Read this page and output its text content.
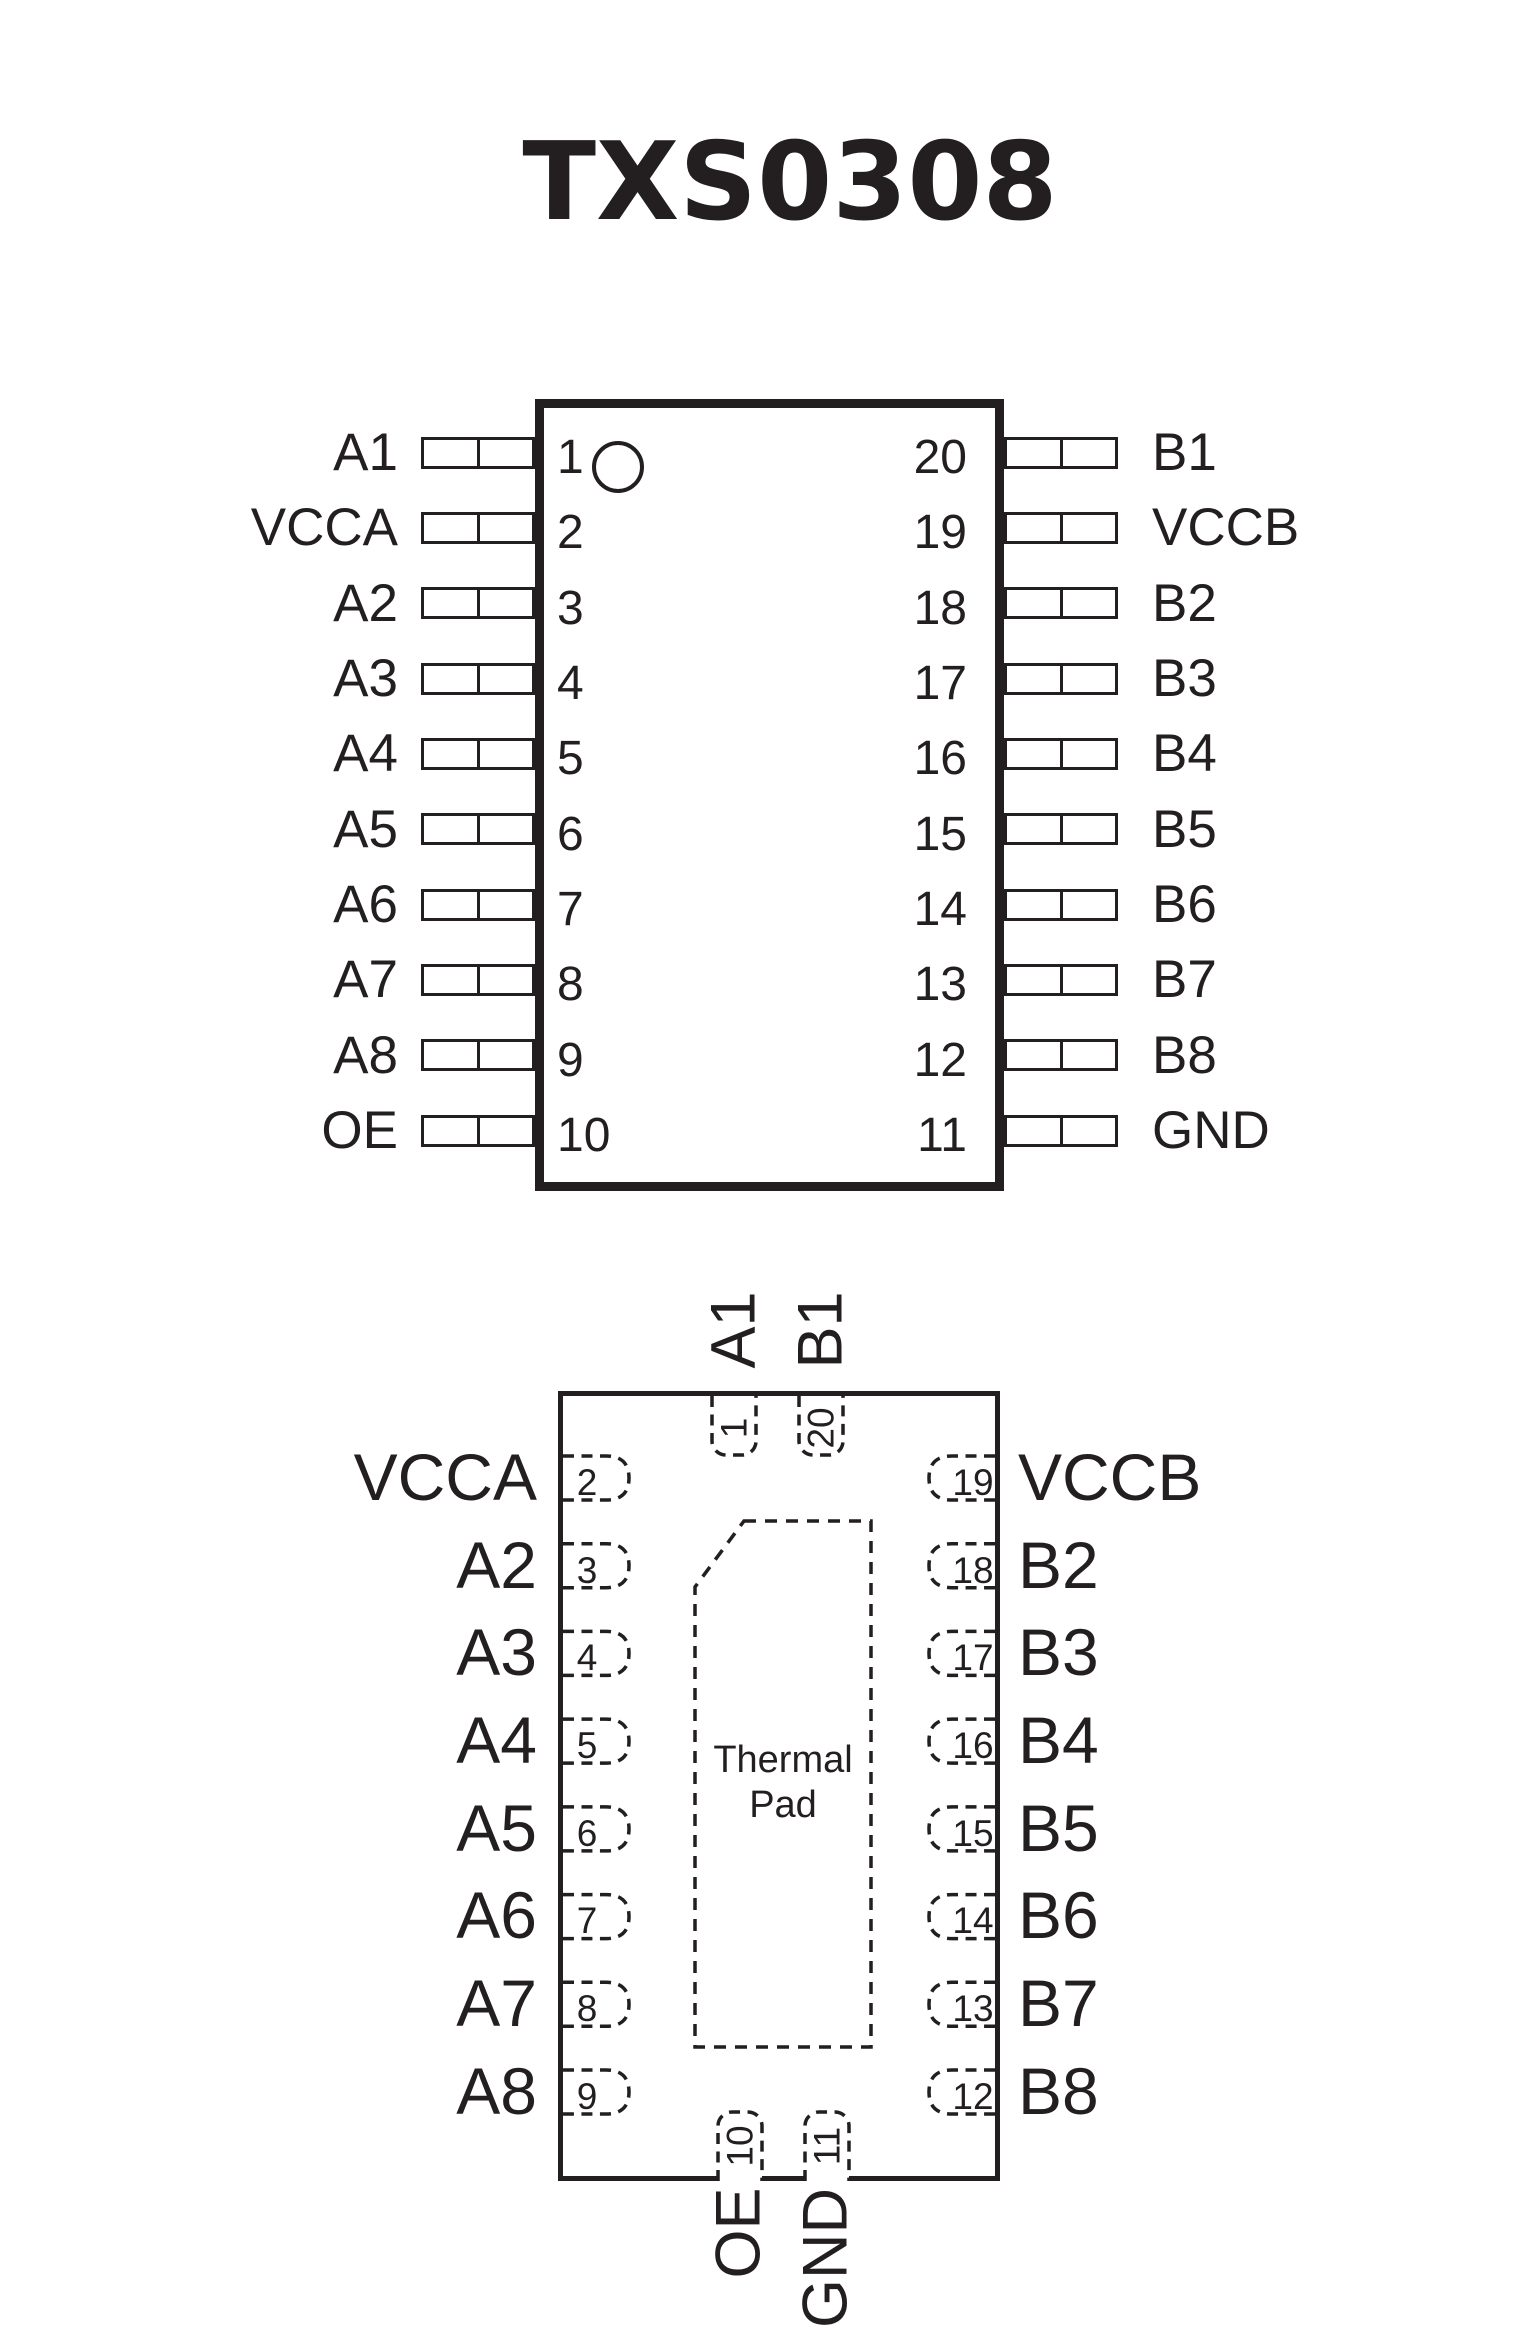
TXS0308
A1	1	20	B1
VCCA	2	19	VCCB
A2	3	18	B2
A3	4	17	B3
A4	5	16	B4
A5	6	15	B5
A6	7	14	B6
A7	8	13	B7
A8	9	12	B8
OE	10	11	GND
Thermal
Pad
A1 B1
1 20
10 11
OE GND
VCCA	2	19 VCCB
A2	3	18 B2
A3	4	17 B3
A4	5	16 B4
A5	6	15 B5
A6	7	14 B6
A7	8	13 B7
A8	9	12 B8
